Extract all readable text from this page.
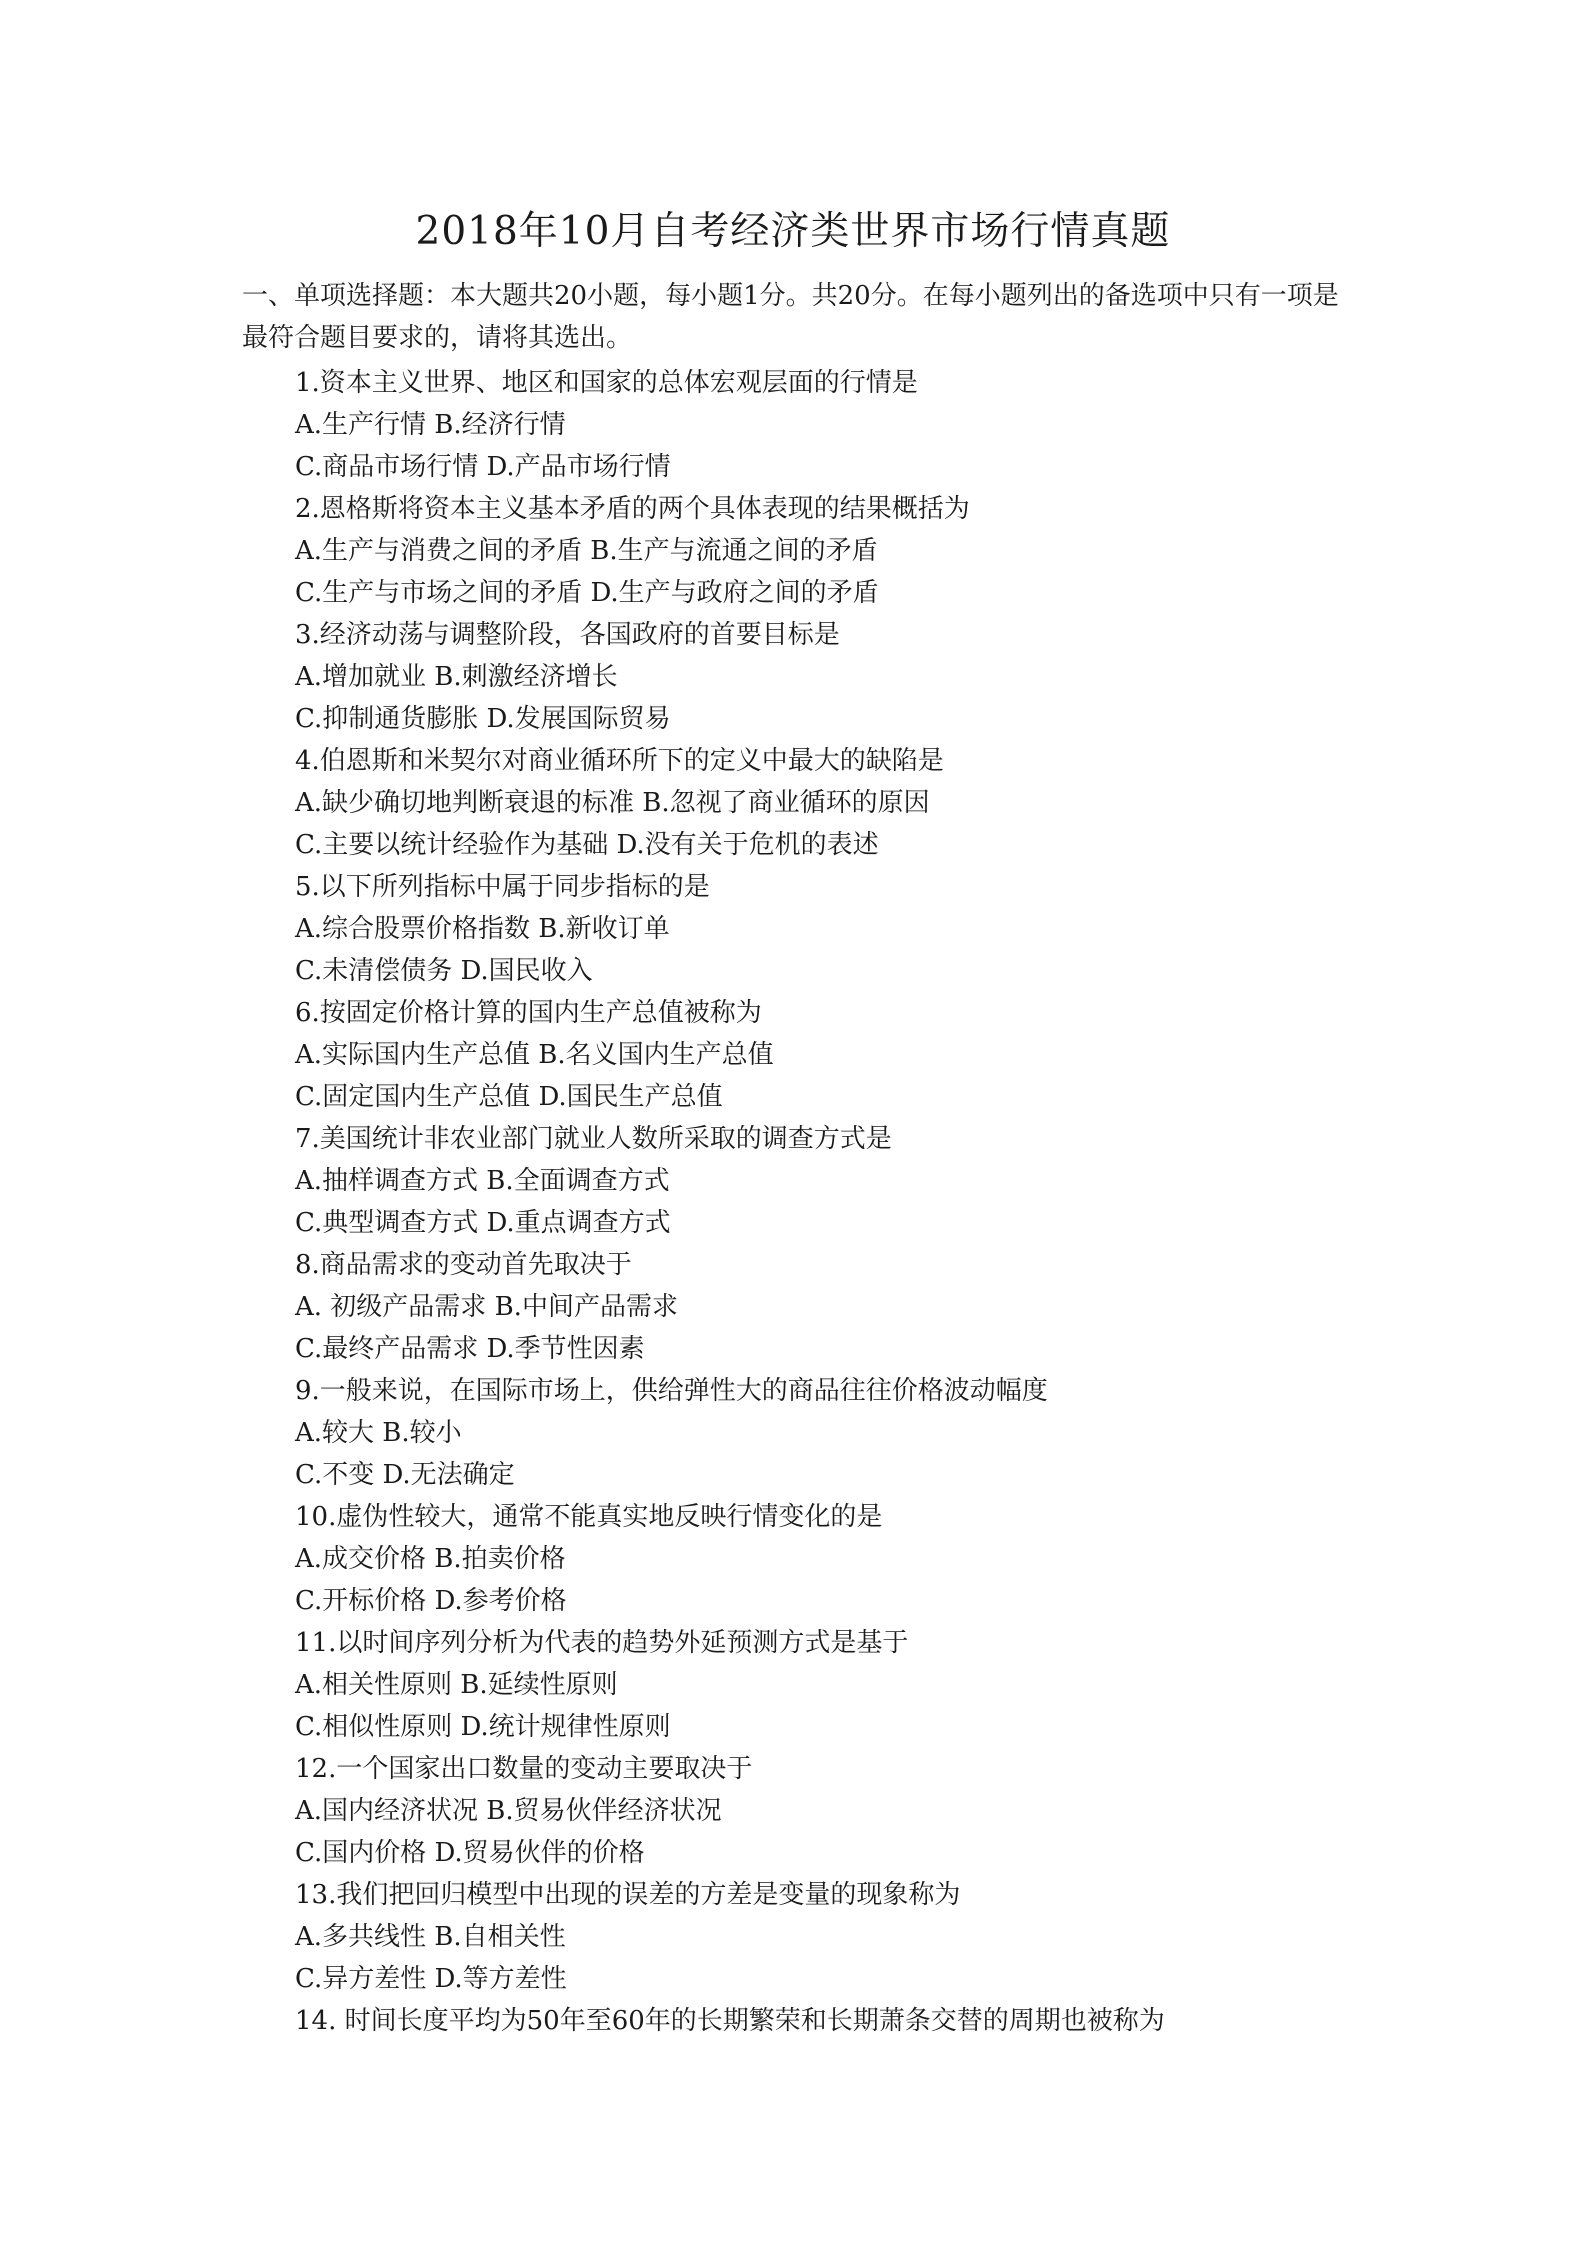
2018年10月自考经济类世界市场行情真题

一、单项选择题：本大题共20小题，每小题1分。共20分。在每小题列出的备选项中只有一项是最符合题目要求的，请将其选出。

1.资本主义世界、地区和国家的总体宏观层面的行情是
A.生产行情 B.经济行情
C.商品市场行情 D.产品市场行情
2.恩格斯将资本主义基本矛盾的两个具体表现的结果概括为
A.生产与消费之间的矛盾 B.生产与流通之间的矛盾
C.生产与市场之间的矛盾 D.生产与政府之间的矛盾
3.经济动荡与调整阶段，各国政府的首要目标是
A.增加就业 B.刺激经济增长
C.抑制通货膨胀 D.发展国际贸易
4.伯恩斯和米契尔对商业循环所下的定义中最大的缺陷是
A.缺少确切地判断衰退的标准 B.忽视了商业循环的原因
C.主要以统计经验作为基础 D.没有关于危机的表述
5.以下所列指标中属于同步指标的是
A.综合股票价格指数 B.新收订单
C.未清偿债务 D.国民收入
6.按固定价格计算的国内生产总值被称为
A.实际国内生产总值 B.名义国内生产总值
C.固定国内生产总值 D.国民生产总值
7.美国统计非农业部门就业人数所采取的调查方式是
A.抽样调查方式 B.全面调查方式
C.典型调查方式 D.重点调查方式
8.商品需求的变动首先取决于
A. 初级产品需求 B.中间产品需求
C.最终产品需求 D.季节性因素
9.一般来说，在国际市场上，供给弹性大的商品往往价格波动幅度
A.较大 B.较小
C.不变 D.无法确定
10.虚伪性较大，通常不能真实地反映行情变化的是
A.成交价格 B.拍卖价格
C.开标价格 D.参考价格
11.以时间序列分析为代表的趋势外延预测方式是基于
A.相关性原则 B.延续性原则
C.相似性原则 D.统计规律性原则
12.一个国家出口数量的变动主要取决于
A.国内经济状况 B.贸易伙伴经济状况
C.国内价格 D.贸易伙伴的价格
13.我们把回归模型中出现的误差的方差是变量的现象称为
A.多共线性 B.自相关性
C.异方差性 D.等方差性
14. 时间长度平均为50年至60年的长期繁荣和长期萧条交替的周期也被称为
